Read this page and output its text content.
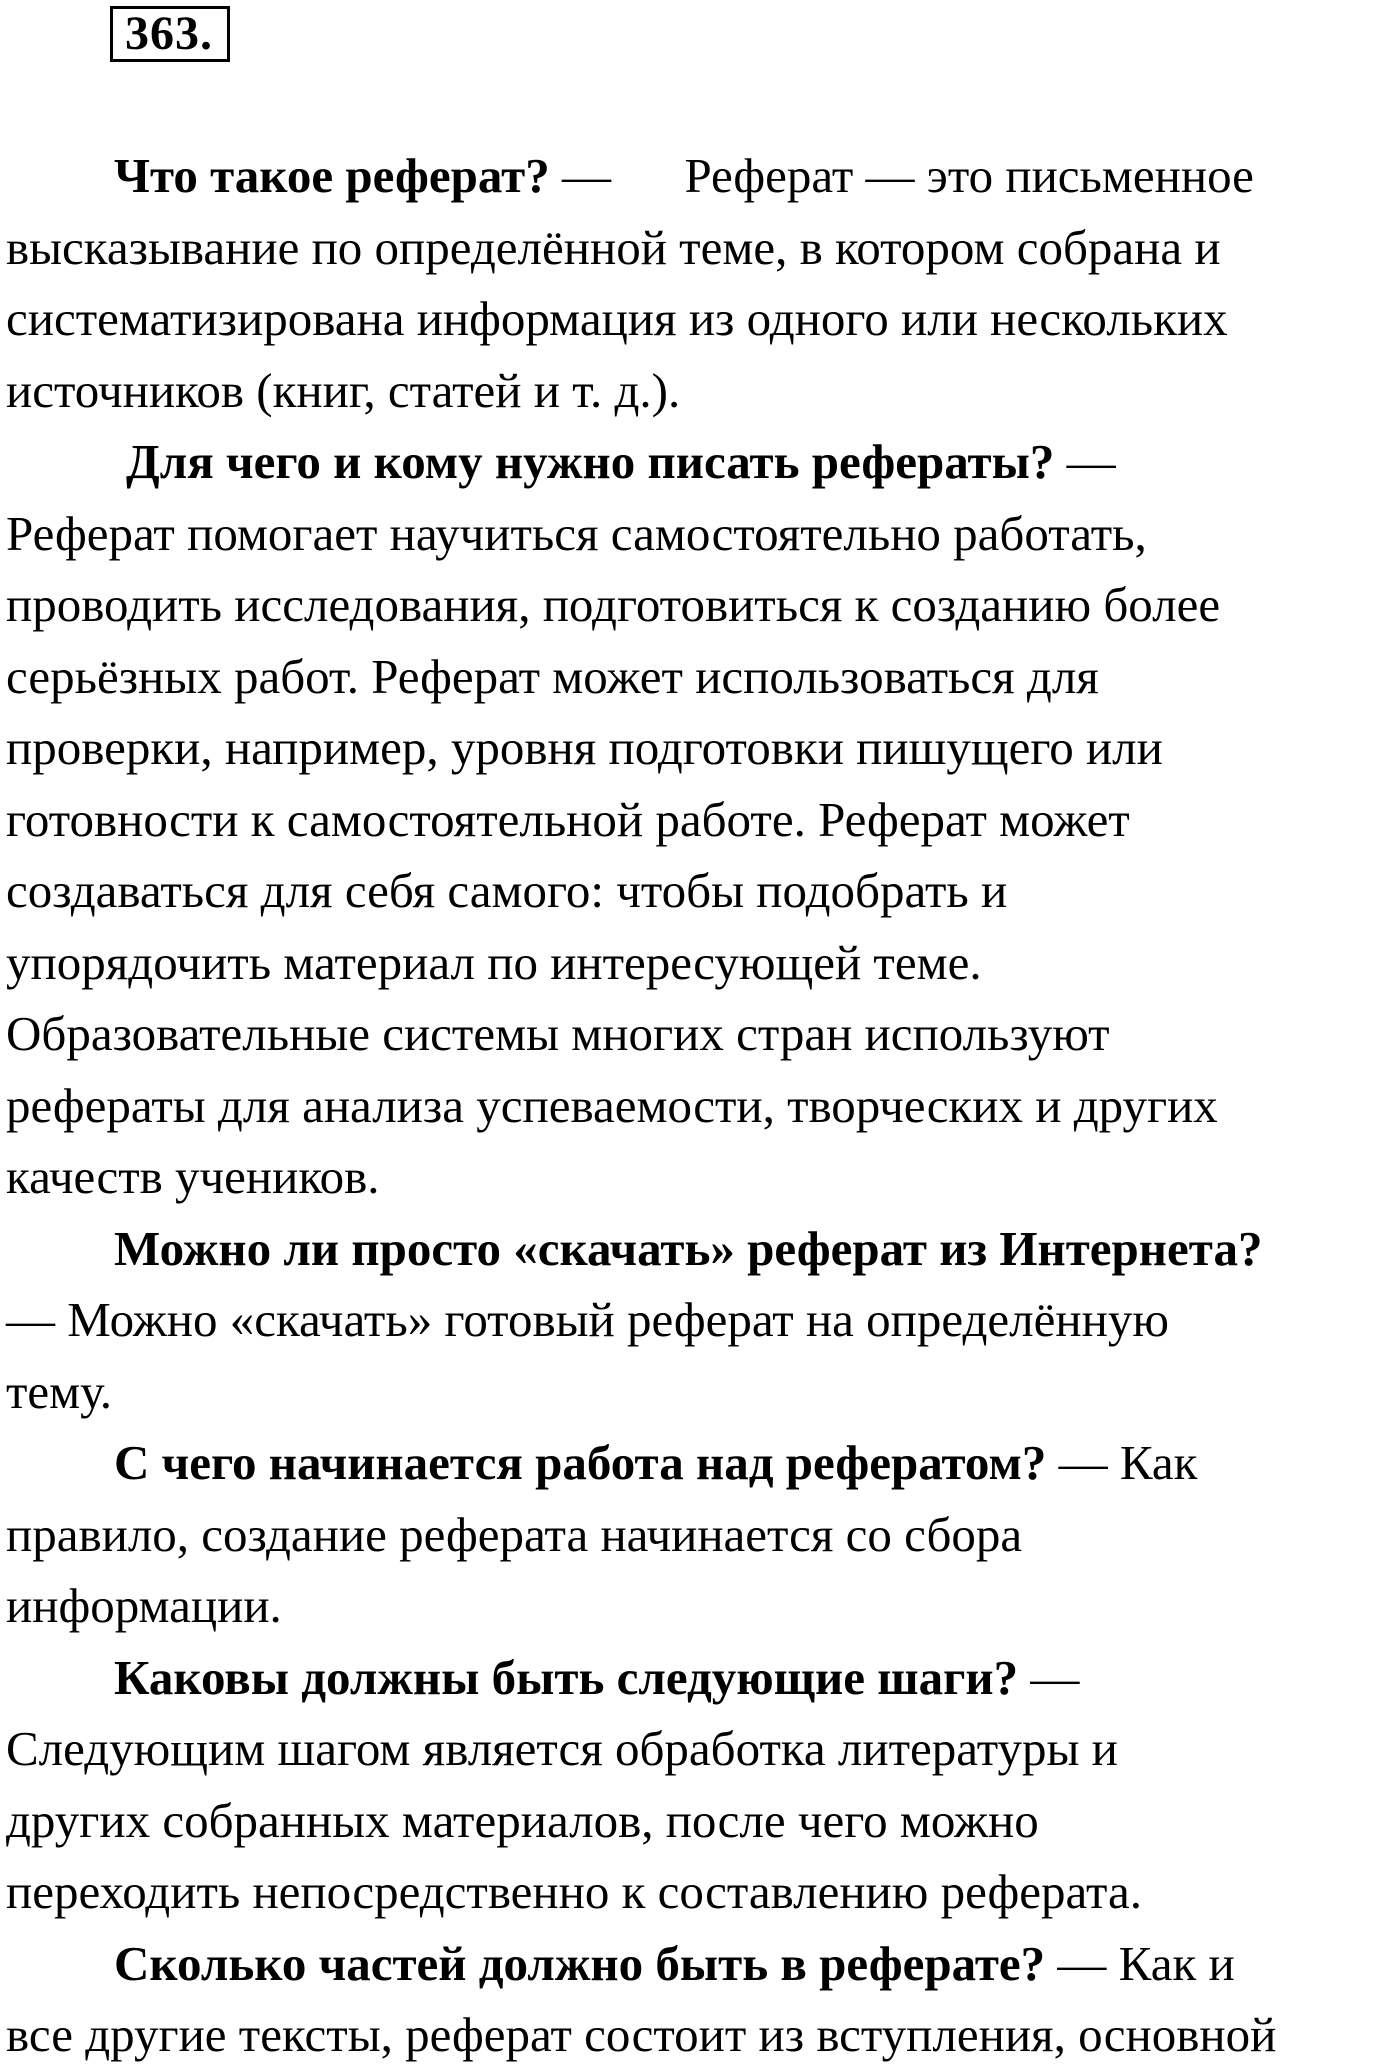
363.
Что такое реферат? —      Реферат — это письменное
высказывание по определённой теме, в котором собрана и
систематизирована информация из одного или нескольких
источников (книг, статей и т. д.).
Для чего и кому нужно писать рефераты? —
Реферат помогает научиться самостоятельно работать,
проводить исследования, подготовиться к созданию более
серьёзных работ. Реферат может использоваться для
проверки, например, уровня подготовки пишущего или
готовности к самостоятельной работе. Реферат может
создаваться для себя самого: чтобы подобрать и
упорядочить материал по интересующей теме.
Образовательные системы многих стран используют
рефераты для анализа успеваемости, творческих и других
качеств учеников.
Можно ли просто «скачать» реферат из Интернета?
— Можно «скачать» готовый реферат на определённую
тему.
С чего начинается работа над рефератом? — Как
правило, создание реферата начинается со сбора
информации.
Каковы должны быть следующие шаги? —
Следующим шагом является обработка литературы и
других собранных материалов, после чего можно
переходить непосредственно к составлению реферата.
Сколько частей должно быть в реферате? — Как и
все другие тексты, реферат состоит из вступления, основной
